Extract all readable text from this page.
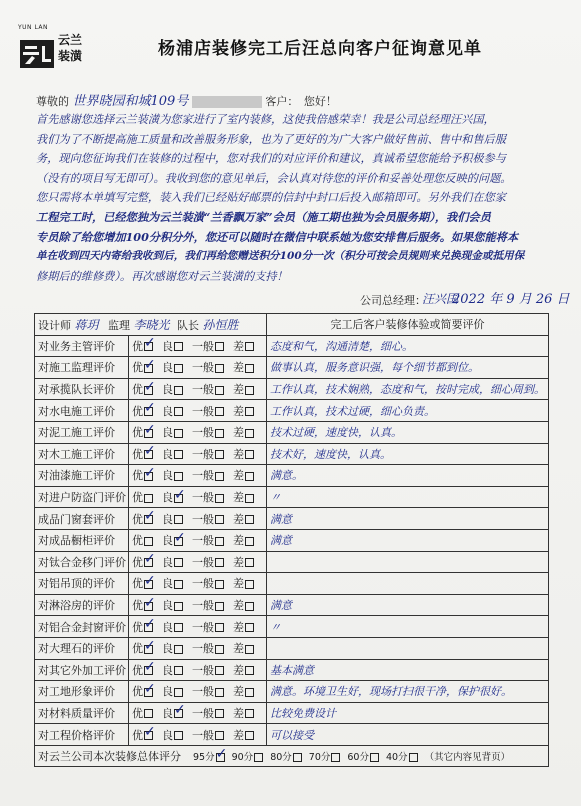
YUN LAN
云兰
装潢	杨浦店装修完工后汪总向客户征询意见单
尊敬的 世界晓园和城109号	客户：　您好！
首先感谢您选择云兰装潢为您家进行了室内装修，这使我倍感荣幸！我是公司总经理汪兴国，
我们为了不断提高施工质量和改善服务形象，也为了更好的为广大客户做好售前、售中和售后服
务，现向您征询我们在装修的过程中，您对我们的对应评价和建议，真诚希望您能给予积极参与
（没有的项目写无即可）。我收到您的意见单后，会认真对待您的评价和妥善处理您反映的问题。
您只需将本单填写完整，装入我们已经贴好邮票的信封中封口后投入邮箱即可。另外我们在您家
工程完工时，已经您独为云兰装潢“兰香飘万家”会员（施工期也独为会员服务期），我们会员
专员除了给您增加100分积分外，您还可以随时在微信中联系她为您安排售后服务。如果您能将本
单在收到四天内寄给我收到后，我们再给您赠送积分100分一次（积分可按会员规则来兑换现金或抵用保
修期后的维修费）。再次感谢您对云兰装潢的支持！
公司总经理：
汪兴国
2022 年 9 月 26 日
设计师 蒋玥 监理 李晓光 队长 孙恒胜		完工后客户装修体验或简要评价
对业务主管评价	优 ✓ 良 一般 差	态度和气，沟通清楚，细心。
对施工监理评价	优 ✓ 良 一般 差	做事认真，服务意识强，每个细节都到位。
对承揽队长评价	优 ✓ 良 一般 差	工作认真，技术娴熟，态度和气，按时完成，细心周到。
对水电施工评价	优 ✓ 良 一般 差	工作认真，技术过硬，细心负责。
对泥工施工评价	优 ✓ 良 一般 差	技术过硬，速度快，认真。
对木工施工评价	优 ✓ 良 一般 差	技术好，速度快，认真。
对油漆施工评价	优 ✓ 良 一般 差	满意。
对进户防盗门评价	优 良 ✓ 一般 差	〃
成品门窗套评价	优 ✓ 良 一般 差	满意
对成品橱柜评价	优 良 ✓ 一般 差	满意
对钛合金移门评价	优 ✓ 良 一般 差	
对铝吊顶的评价	优 ✓ 良 一般 差	
对淋浴房的评价	优 ✓ 良 一般 差	满意
对铝合金封窗评价	优 ✓ 良 一般 差	〃
对大理石的评价	优 ✓ 良 一般 差	
对其它外加工评价	优 ✓ 良 一般 差	基本满意
对工地形象评价	优 ✓ 良 一般 差	满意。环境卫生好，现场打扫很干净，保护很好。
对材料质量评价	优 良 ✓ 一般 差	比较免费设计
对工程价格评价	优 ✓ 良 一般 差	可以接受
对云兰公司本次装修总体评分 95分 ✓ 90分 80分 70分 60分 40分 （其它内容见背页）		
